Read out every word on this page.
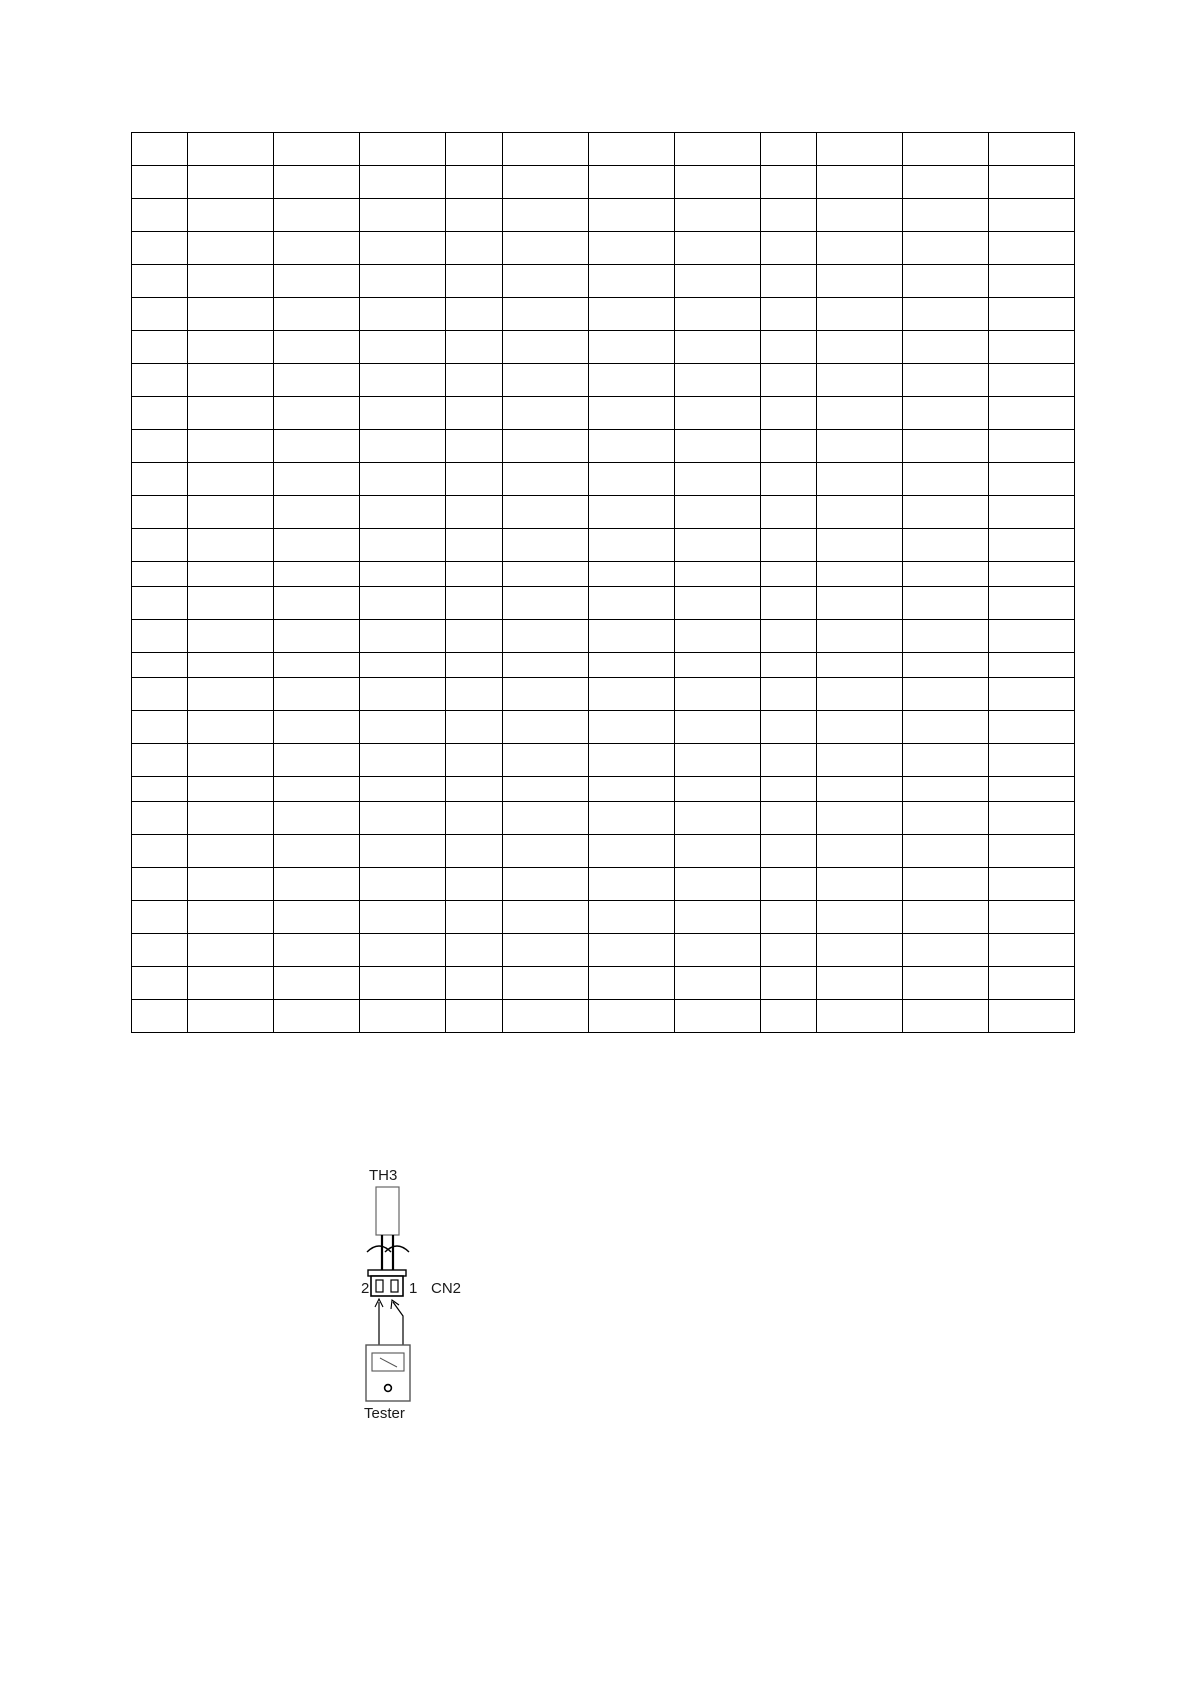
TH3
2	1 CN2
Tester
